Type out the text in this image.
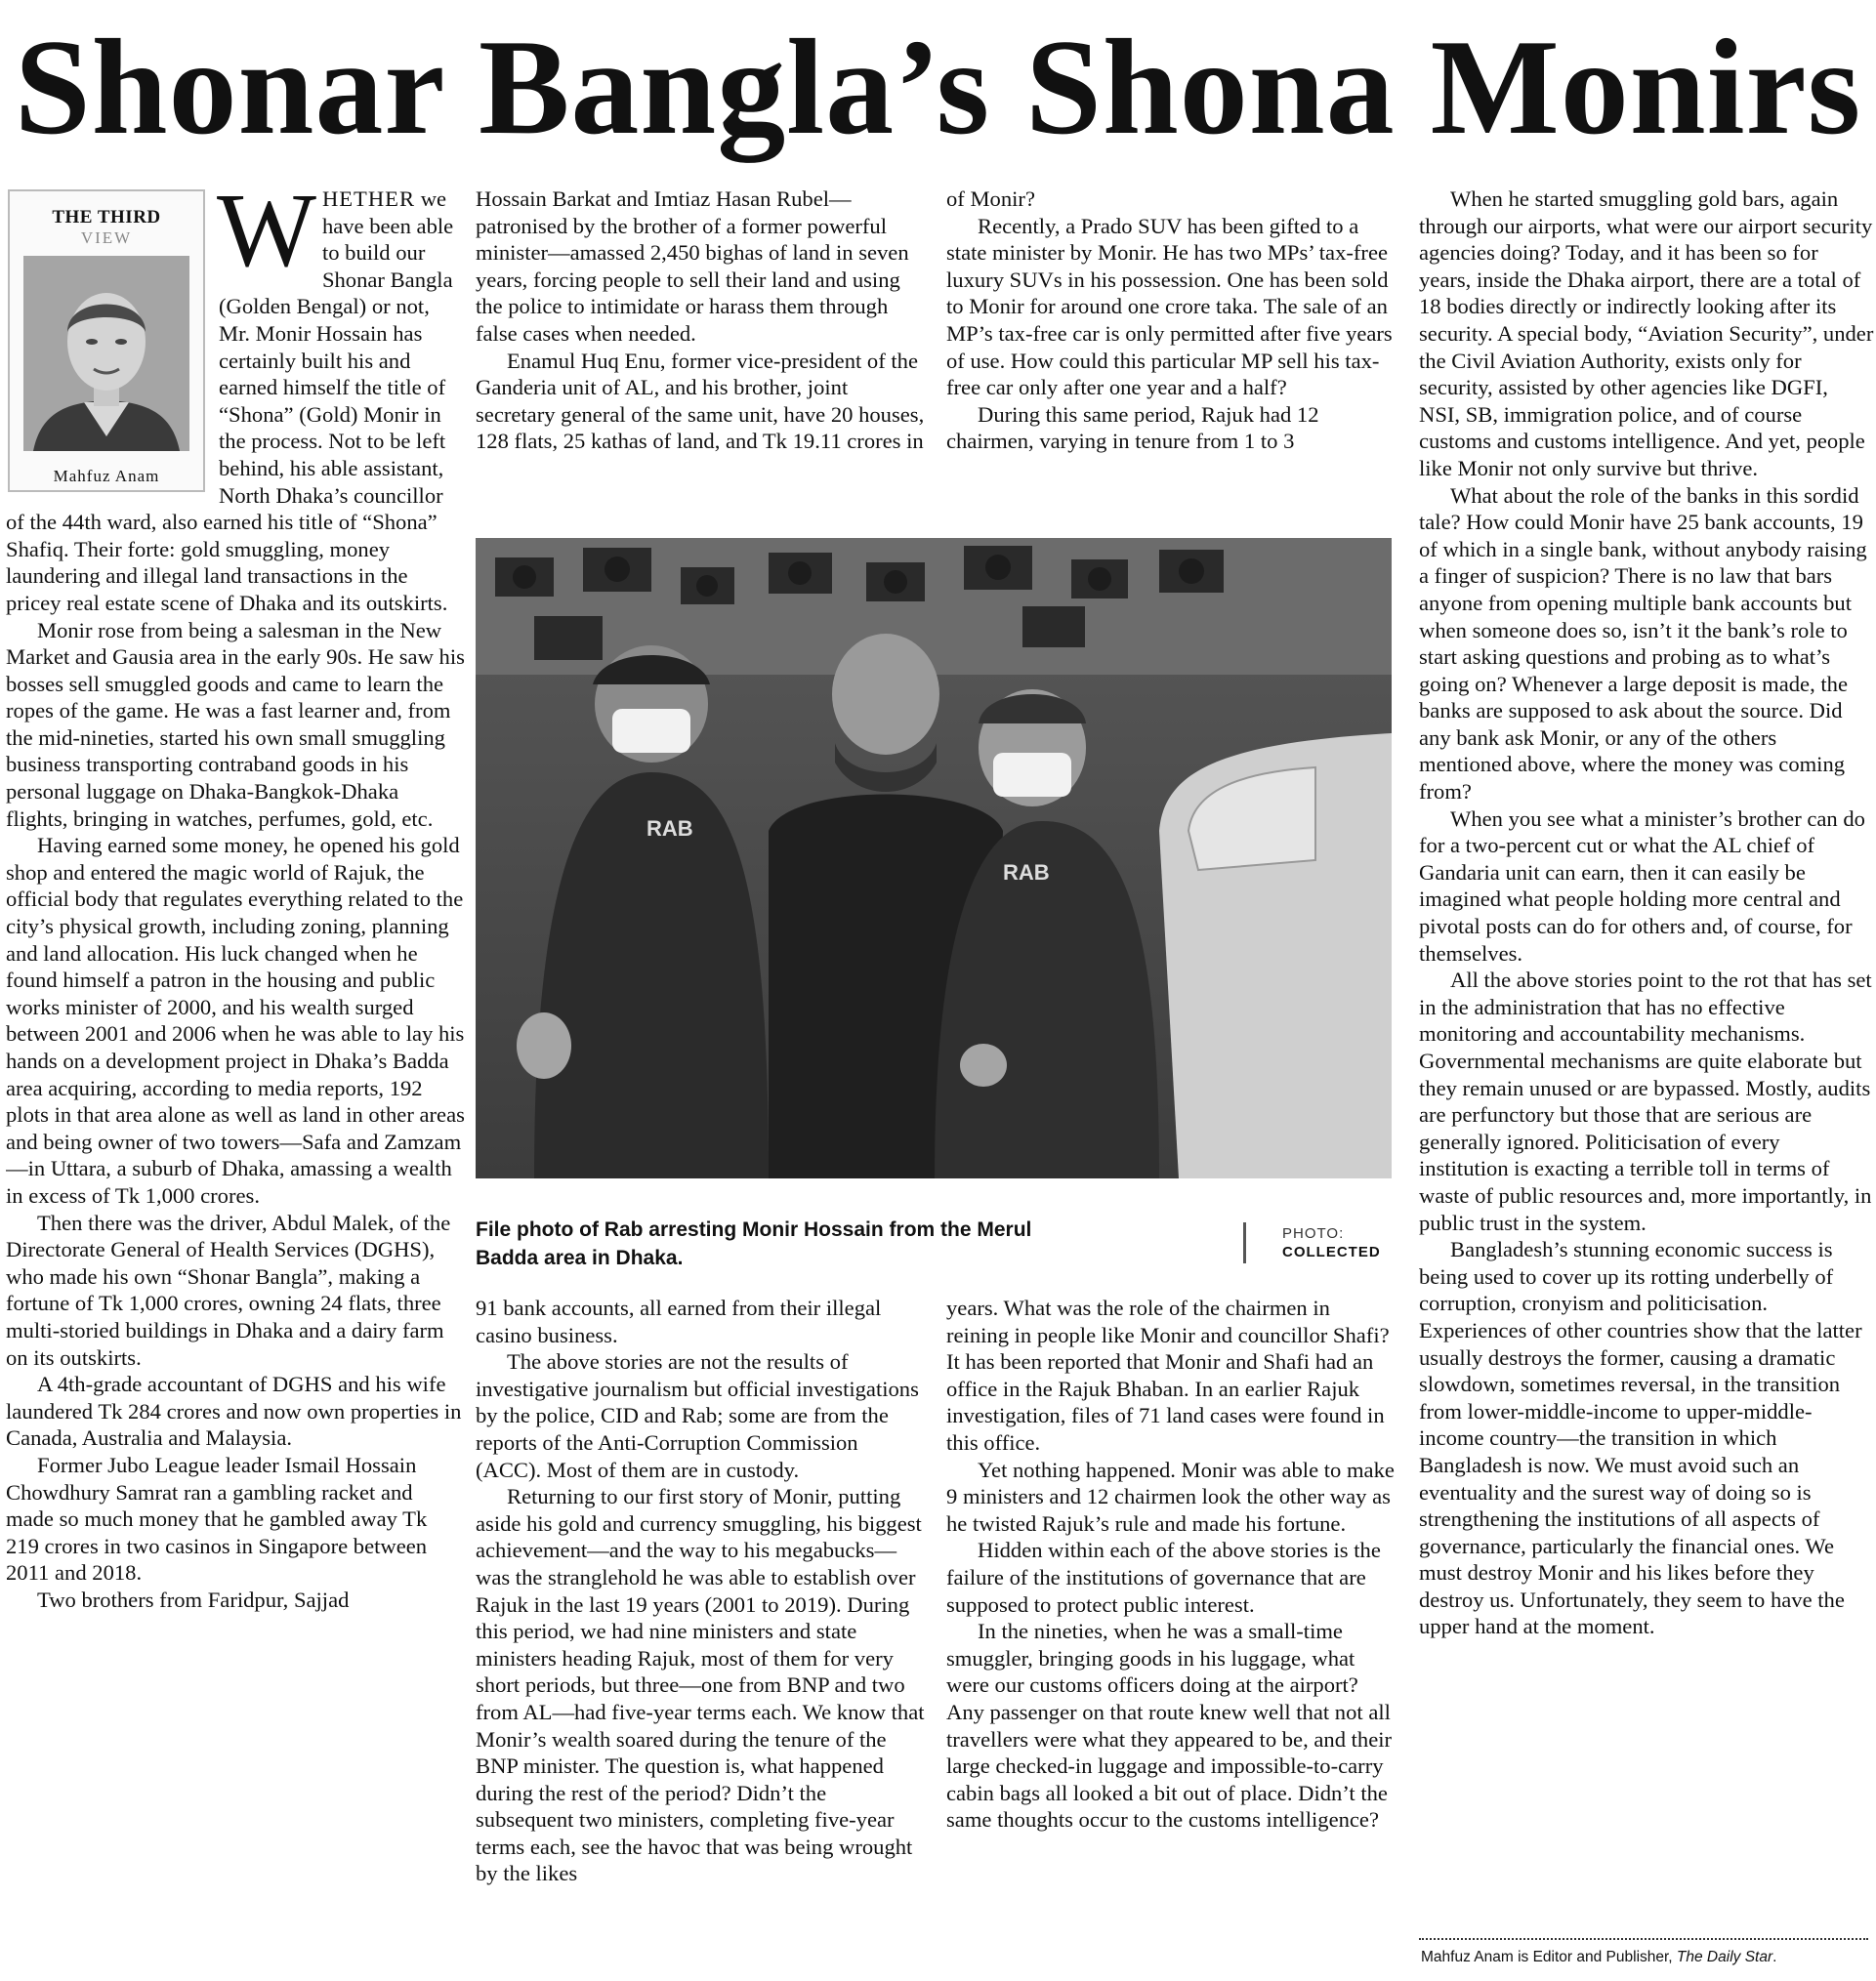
Shonar Bangla’s Shona Monirs
THE THIRD
VIEW
Mahfuz Anam

WHETHER we have been able to build our Shonar Bangla (Golden Bengal) or not, Mr. Monir Hossain has certainly built his and earned himself the title of “Shona” (Gold) Monir in the process. Not to be left behind, his able assistant, North Dhaka’s councillor of the 44th ward, also earned his title of “Shona” Shafiq. Their forte: gold smuggling, money laundering and illegal land transactions in the pricey real estate scene of Dhaka and its outskirts.

Monir rose from being a salesman in the New Market and Gausia area in the early 90s. He saw his bosses sell smuggled goods and came to learn the ropes of the game. He was a fast learner and, from the mid-nineties, started his own small smuggling business transporting contraband goods in his personal luggage on Dhaka-Bangkok-Dhaka flights, bringing in watches, perfumes, gold, etc.

Having earned some money, he opened his gold shop and entered the magic world of Rajuk, the official body that regulates everything related to the city’s physical growth, including zoning, planning and land allocation. His luck changed when he found himself a patron in the housing and public works minister of 2000, and his wealth surged between 2001 and 2006 when he was able to lay his hands on a development project in Dhaka’s Badda area acquiring, according to media reports, 192 plots in that area alone as well as land in other areas and being owner of two towers—Safa and Zamzam—in Uttara, a suburb of Dhaka, amassing a wealth in excess of Tk 1,000 crores.

Then there was the driver, Abdul Malek, of the Directorate General of Health Services (DGHS), who made his own “Shonar Bangla”, making a fortune of Tk 1,000 crores, owning 24 flats, three multi-storied buildings in Dhaka and a dairy farm on its outskirts.

A 4th-grade accountant of DGHS and his wife laundered Tk 284 crores and now own properties in Canada, Australia and Malaysia.

Former Jubo League leader Ismail Hossain Chowdhury Samrat ran a gambling racket and made so much money that he gambled away Tk 219 crores in two casinos in Singapore between 2011 and 2018.

Two brothers from Faridpur, Sajjad

Hossain Barkat and Imtiaz Hasan Rubel—patronised by the brother of a former powerful minister—amassed 2,450 bighas of land in seven years, forcing people to sell their land and using the police to intimidate or harass them through false cases when needed.

Enamul Huq Enu, former vice-president of the Ganderia unit of AL, and his brother, joint secretary general of the same unit, have 20 houses, 128 flats, 25 kathas of land, and Tk 19.11 crores in

of Monir?

Recently, a Prado SUV has been gifted to a state minister by Monir. He has two MPs’ tax-free luxury SUVs in his possession. One has been sold to Monir for around one crore taka. The sale of an MP’s tax-free car is only permitted after five years of use. How could this particular MP sell his tax-free car only after one year and a half?

During this same period, Rajuk had 12 chairmen, varying in tenure from 1 to 3

RAB
RAB
File photo of Rab arresting Monir Hossain from the Merul Badda area in Dhaka.
PHOTO:
COLLECTED

91 bank accounts, all earned from their illegal casino business.

The above stories are not the results of investigative journalism but official investigations by the police, CID and Rab; some are from the reports of the Anti-Corruption Commission (ACC). Most of them are in custody.

Returning to our first story of Monir, putting aside his gold and currency smuggling, his biggest achievement—and the way to his megabucks—was the stranglehold he was able to establish over Rajuk in the last 19 years (2001 to 2019). During this period, we had nine ministers and state ministers heading Rajuk, most of them for very short periods, but three—one from BNP and two from AL—had five-year terms each. We know that Monir’s wealth soared during the tenure of the BNP minister. The question is, what happened during the rest of the period? Didn’t the subsequent two ministers, completing five-year terms each, see the havoc that was being wrought by the likes

years. What was the role of the chairmen in reining in people like Monir and councillor Shafi? It has been reported that Monir and Shafi had an office in the Rajuk Bhaban. In an earlier Rajuk investigation, files of 71 land cases were found in this office.

Yet nothing happened. Monir was able to make 9 ministers and 12 chairmen look the other way as he twisted Rajuk’s rule and made his fortune.

Hidden within each of the above stories is the failure of the institutions of governance that are supposed to protect public interest.

In the nineties, when he was a small-time smuggler, bringing goods in his luggage, what were our customs officers doing at the airport? Any passenger on that route knew well that not all travellers were what they appeared to be, and their large checked-in luggage and impossible-to-carry cabin bags all looked a bit out of place. Didn’t the same thoughts occur to the customs intelligence?

When he started smuggling gold bars, again through our airports, what were our airport security agencies doing? Today, and it has been so for years, inside the Dhaka airport, there are a total of 18 bodies directly or indirectly looking after its security. A special body, “Aviation Security”, under the Civil Aviation Authority, exists only for security, assisted by other agencies like DGFI, NSI, SB, immigration police, and of course customs and customs intelligence. And yet, people like Monir not only survive but thrive.

What about the role of the banks in this sordid tale? How could Monir have 25 bank accounts, 19 of which in a single bank, without anybody raising a finger of suspicion? There is no law that bars anyone from opening multiple bank accounts but when someone does so, isn’t it the bank’s role to start asking questions and probing as to what’s going on? Whenever a large deposit is made, the banks are supposed to ask about the source. Did any bank ask Monir, or any of the others mentioned above, where the money was coming from?

When you see what a minister’s brother can do for a two-percent cut or what the AL chief of Gandaria unit can earn, then it can easily be imagined what people holding more central and pivotal posts can do for others and, of course, for themselves.

All the above stories point to the rot that has set in the administration that has no effective monitoring and accountability mechanisms. Governmental mechanisms are quite elaborate but they remain unused or are bypassed. Mostly, audits are perfunctory but those that are serious are generally ignored. Politicisation of every institution is exacting a terrible toll in terms of waste of public resources and, more importantly, in public trust in the system.

Bangladesh’s stunning economic success is being used to cover up its rotting underbelly of corruption, cronyism and politicisation. Experiences of other countries show that the latter usually destroys the former, causing a dramatic slowdown, sometimes reversal, in the transition from lower-middle-income to upper-middle-income country—the transition in which Bangladesh is now. We must avoid such an eventuality and the surest way of doing so is strengthening the institutions of all aspects of governance, particularly the financial ones. We must destroy Monir and his likes before they destroy us. Unfortunately, they seem to have the upper hand at the moment.

Mahfuz Anam is Editor and Publisher, The Daily Star.
